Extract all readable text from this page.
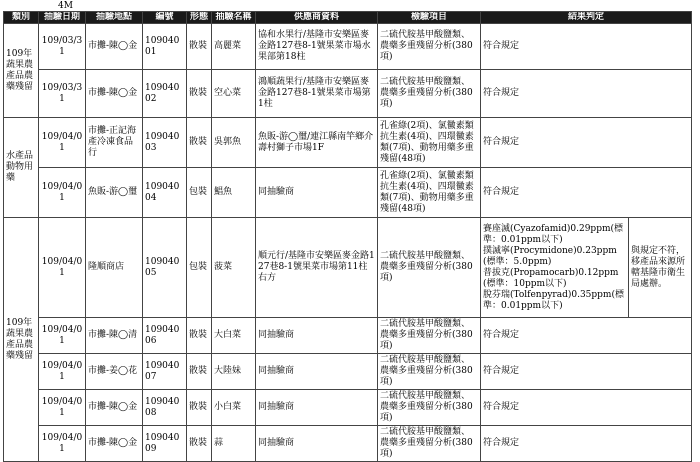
4M
類別	抽驗日期	抽驗地點	編號	形態	抽驗名稱	供應商資料	檢驗項目	結果判定	
109年蔬果農產品農藥殘留	109/03/31	市攤-陳◯金	10904001	散裝	高麗菜	協和水果行/基隆市安樂區麥金路127巷8-1號果菜市場水果部第18柱	二硫代胺基甲酸鹽類、農藥多重殘留分析(380項)	符合規定	
	109/03/31	市攤-陳◯金	10904002	散裝	空心菜	鴻順蔬果行/基隆市安樂區麥金路127巷8-1號果菜市場第1柱	二硫代胺基甲酸鹽類、農藥多重殘留分析(380項)	符合規定	
水產品動物用藥	109/04/01	市攤-正記海產冷凍食品行	10904003	散裝	吳郭魚	魚販-游◯璽/連江縣南竿鄉介壽村獅子市場1F	孔雀綠(2項)、氯黴素類抗生素(4項)、四環黴素類(7項)、動物用藥多重殘留(48項)	符合規定	
	109/04/01	魚販-游◯璽	10904004	包裝	鯧魚	同抽驗商	孔雀綠(2項)、氯黴素類抗生素(4項)、四環黴素類(7項)、動物用藥多重殘留(48項)	符合規定	
109年蔬果農產品農藥殘留	109/04/01	隆順商店	10904005	包裝	菠菜	順元行/基隆市安樂區麥金路127巷8-1號果菜市場第11柱右方	二硫代胺基甲酸鹽類、農藥多重殘留分析(380項)	賽座滅(Cyazofamid)0.29ppm(標準：0.01ppm以下)
撲滅寧(Procymidone)0.23ppm(標準：5.0ppm)
普拔克(Propamocarb)0.12ppm(標準：10ppm以下)
脫芬瑞(Tolfenpyrad)0.35ppm(標準：0.01ppm以下)	與規定不符，移產品來源所轄基隆市衛生局處辦。
	109/04/01	市攤-陳◯清	10904006	散裝	大白菜	同抽驗商	二硫代胺基甲酸鹽類、農藥多重殘留分析(380項)	符合規定	
	109/04/01	市攤-姜◯花	10904007	散裝	大陸妹	同抽驗商	二硫代胺基甲酸鹽類、農藥多重殘留分析(380項)	符合規定	
	109/04/01	市攤-陳◯金	10904008	散裝	小白菜	同抽驗商	二硫代胺基甲酸鹽類、農藥多重殘留分析(380項)	符合規定	
	109/04/01	市攤-陳◯金	10904009	散裝	蒜	同抽驗商	二硫代胺基甲酸鹽類、農藥多重殘留分析(380項)	符合規定	
